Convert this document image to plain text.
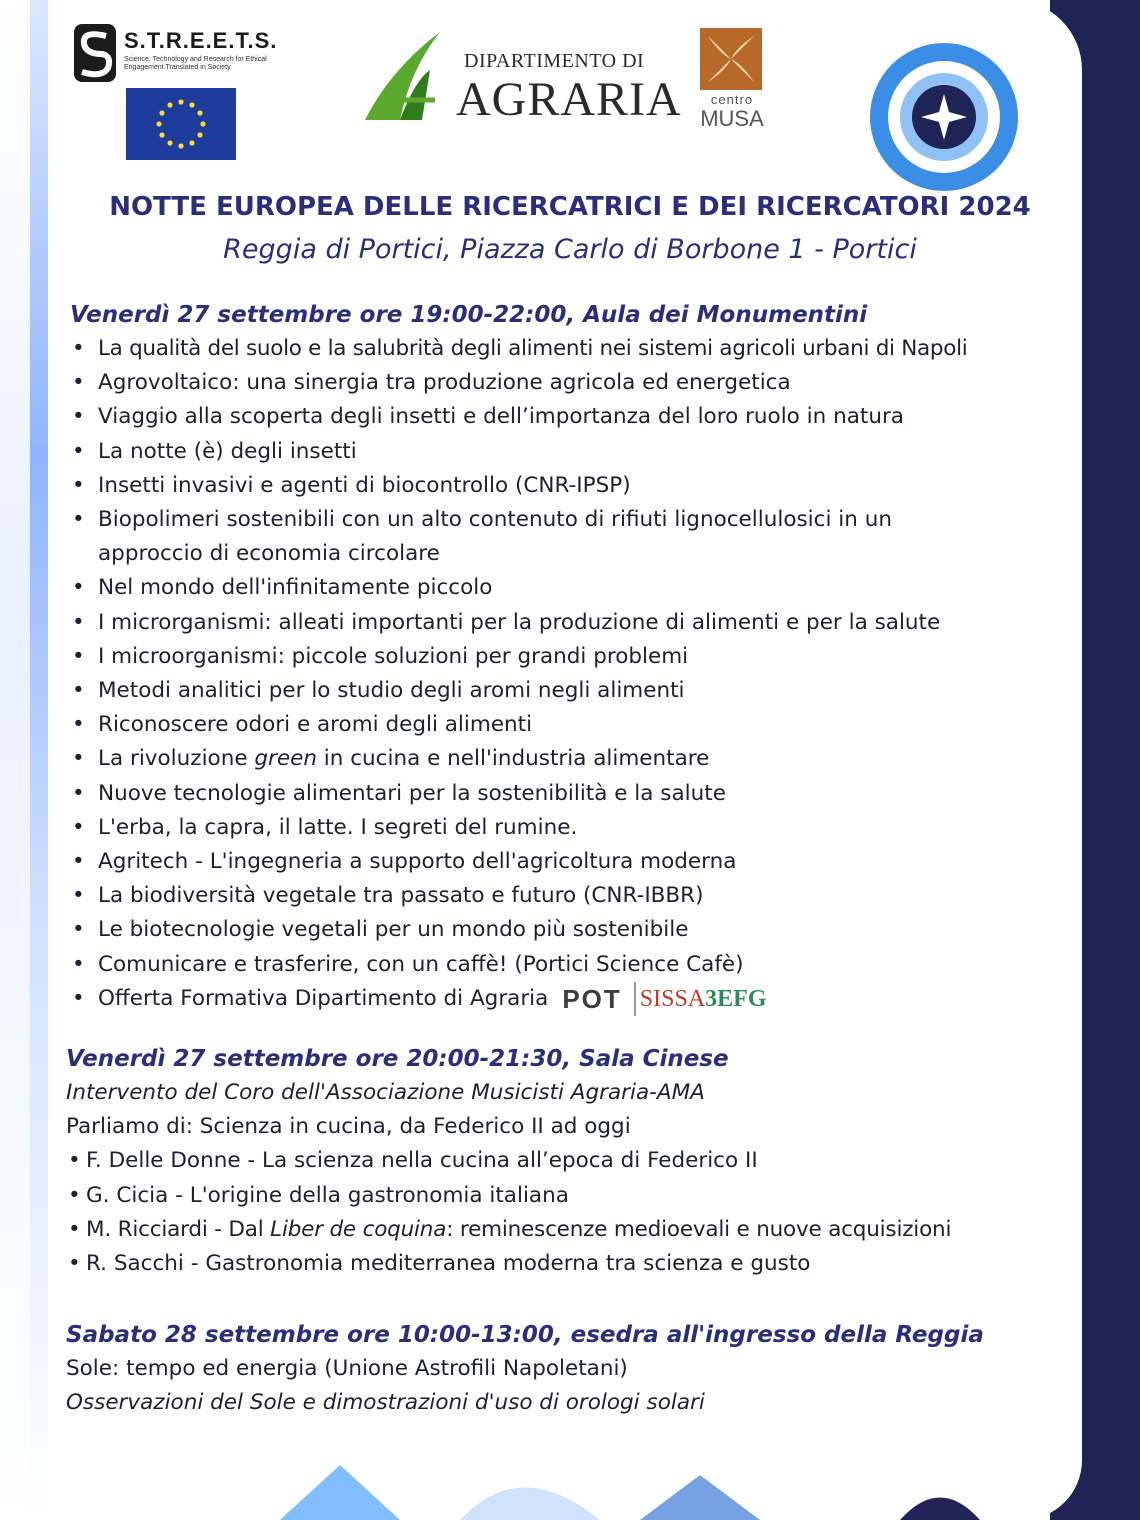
S.T.R.E.E.T.S.
Science, Technology and Research for Ethical Engagement Translated in Society	DIPARTIMENTO DI
AGRARIA	centro
MUSA
NOTTE EUROPEA DELLE RICERCATRICI E DEI RICERCATORI 2024
Reggia di Portici, Piazza Carlo di Borbone 1 - Portici
Venerdì 27 settembre ore 19:00-22:00, Aula dei Monumentini
• La qualità del suolo e la salubrità degli alimenti nei sistemi agricoli urbani di Napoli
• Agrovoltaico: una sinergia tra produzione agricola ed energetica
• Viaggio alla scoperta degli insetti e dell’importanza del loro ruolo in natura
• La notte (è) degli insetti
• Insetti invasivi e agenti di biocontrollo (CNR-IPSP)
• Biopolimeri sostenibili con un alto contenuto di rifiuti lignocellulosici in un approccio di economia circolare
• Nel mondo dell'infinitamente piccolo
• I microrganismi: alleati importanti per la produzione di alimenti e per la salute
• I microorganismi: piccole soluzioni per grandi problemi
• Metodi analitici per lo studio degli aromi negli alimenti
• Riconoscere odori e aromi degli alimenti
• La rivoluzione green in cucina e nell'industria alimentare
• Nuove tecnologie alimentari per la sostenibilità e la salute
• L'erba, la capra, il latte. I segreti del rumine.
• Agritech - L'ingegneria a supporto dell'agricoltura moderna
• La biodiversità vegetale tra passato e futuro (CNR-IBBR)
• Le biotecnologie vegetali per un mondo più sostenibile
• Comunicare e trasferire, con un caffè! (Portici Science Cafè)
• Offerta Formativa Dipartimento di Agraria POT SISSA3EFG
Venerdì 27 settembre ore 20:00-21:30, Sala Cinese
Intervento del Coro dell'Associazione Musicisti Agraria-AMA
Parliamo di: Scienza in cucina, da Federico II ad oggi
• F. Delle Donne - La scienza nella cucina all’epoca di Federico II
• G. Cicia - L'origine della gastronomia italiana
• M. Ricciardi - Dal Liber de coquina: reminescenze medioevali e nuove acquisizioni
• R. Sacchi - Gastronomia mediterranea moderna tra scienza e gusto
Sabato 28 settembre ore 10:00-13:00, esedra all'ingresso della Reggia
Sole: tempo ed energia (Unione Astrofili Napoletani)
Osservazioni del Sole e dimostrazioni d'uso di orologi solari
